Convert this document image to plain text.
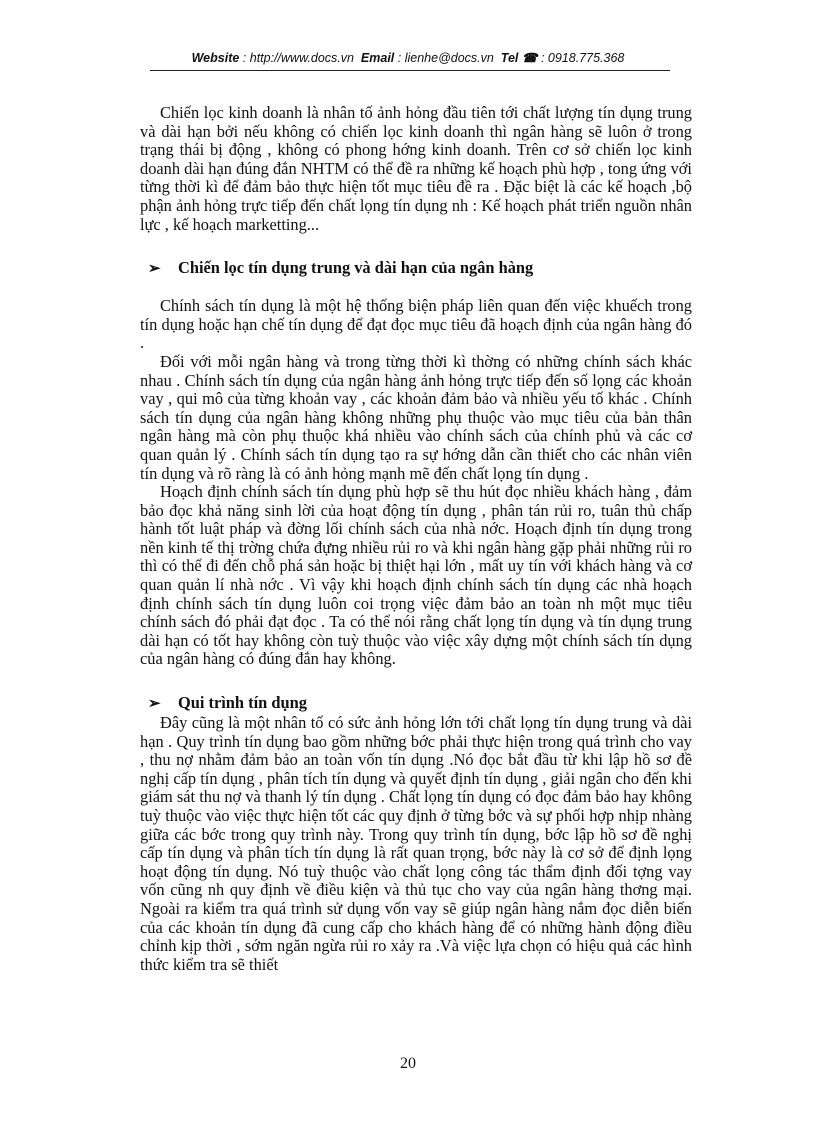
Website : http://www.docs.vn Email : lienhe@docs.vn Tel ☎ : 0918.775.368

Chiến lọc kinh doanh là nhân tố ảnh hỏng đầu tiên tới chất lượng tín dụng trung và dài hạn bởi nếu không có chiến lọc kinh doanh thì ngân hàng sẽ luôn ở trong trạng thái bị động , không có phong hớng kinh doanh. Trên cơ sở chiến lọc kinh doanh dài hạn đúng đắn NHTM có thể đề ra những kế hoạch phù hợp , tong ứng với từng thời kì để đảm bảo thực hiện tốt mục tiêu đề ra . Đặc biệt là các kế hoạch ,bộ phận ảnh hỏng trực tiếp đến chất lọng tín dụng nh : Kế hoạch phát triển nguồn nhân lực , kế hoạch marketting...

➢	Chiến lọc tín dụng trung và dài hạn của ngân hàng

Chính sách tín dụng là một hệ thống biện pháp liên quan đến việc khuếch trong tín dụng hoặc hạn chế tín dụng để đạt đọc mục tiêu đã hoạch định của ngân hàng đó .

Đối với mỗi ngân hàng và trong từng thời kì thờng có những chính sách khác nhau . Chính sách tín dụng của ngân hàng ảnh hỏng trực tiếp đến số lọng các khoản vay , qui mô của từng khoản vay , các khoản đảm bảo và nhiều yếu tố khác . Chính sách tín dụng của ngân hàng không những phụ thuộc vào mục tiêu của bản thân ngân hàng mà còn phụ thuộc khá nhiều vào chính sách của chính phủ và các cơ quan quản lý . Chính sách tín dụng tạo ra sự hớng dẫn cần thiết cho các nhân viên tín dụng và rõ ràng là có ảnh hỏng mạnh mẽ đến chất lọng tín dụng .

Hoạch định chính sách tín dụng phù hợp sẽ thu hút đọc nhiều khách hàng , đảm bảo đọc khả năng sinh lời của hoạt động tín dụng , phân tán rủi ro, tuân thủ chấp hành tốt luật pháp và đờng lối chính sách của nhà nớc. Hoạch định tín dụng trong nền kinh tế thị trờng chứa đựng nhiều rủi ro và khi ngân hàng gặp phải những rủi ro thì có thể đi đến chỗ phá sản hoặc bị thiệt hại lớn , mất uy tín với khách hàng và cơ quan quản lí nhà nớc . Vì vậy khi hoạch định chính sách tín dụng các nhà hoạch định chính sách tín dụng luôn coi trọng việc đảm bảo an toàn nh một mục tiêu chính sách đó phải đạt đọc . Ta có thể nói rằng chất lọng tín dụng và tín dụng trung dài hạn có tốt hay không còn tuỳ thuộc vào việc xây dựng một chính sách tín dụng của ngân hàng có đúng đắn hay không.

➢	Qui trình tín dụng

Đây cũng là một nhân tố có sức ảnh hỏng lớn tới chất lọng tín dụng trung và dài hạn . Quy trình tín dụng bao gồm những bớc phải thực hiện trong quá trình cho vay , thu nợ nhằm đảm bảo an toàn vốn tín dụng .Nó đọc bắt đầu từ khi lập hồ sơ đề nghị cấp tín dụng , phân tích tín dụng và quyết định tín dụng , giải ngân cho đến khi giám sát thu nợ và thanh lý tín dụng . Chất lọng tín dụng có đọc đảm bảo hay không tuỳ thuộc vào việc thực hiện tốt các quy định ở từng bớc và sự phối hợp nhịp nhàng giữa các bớc trong quy trình này. Trong quy trình tín dụng, bớc lập hồ sơ đề nghị cấp tín dụng và phân tích tín dụng là rất quan trọng, bớc này là cơ sở để định lọng hoạt động tín dụng. Nó tuỳ thuộc vào chất lọng công tác thẩm định đối tợng vay vốn cũng nh quy định về điều kiện và thủ tục cho vay của ngân hàng thơng mại. Ngoài ra kiểm tra quá trình sử dụng vốn vay sẽ giúp ngân hàng nắm đọc diễn biến của các khoản tín dụng đã cung cấp cho khách hàng để có những hành động điều chỉnh kịp thời , sớm ngăn ngừa rủi ro xảy ra .Và việc lựa chọn có hiệu quả các hình thức kiểm tra sẽ thiết

20
